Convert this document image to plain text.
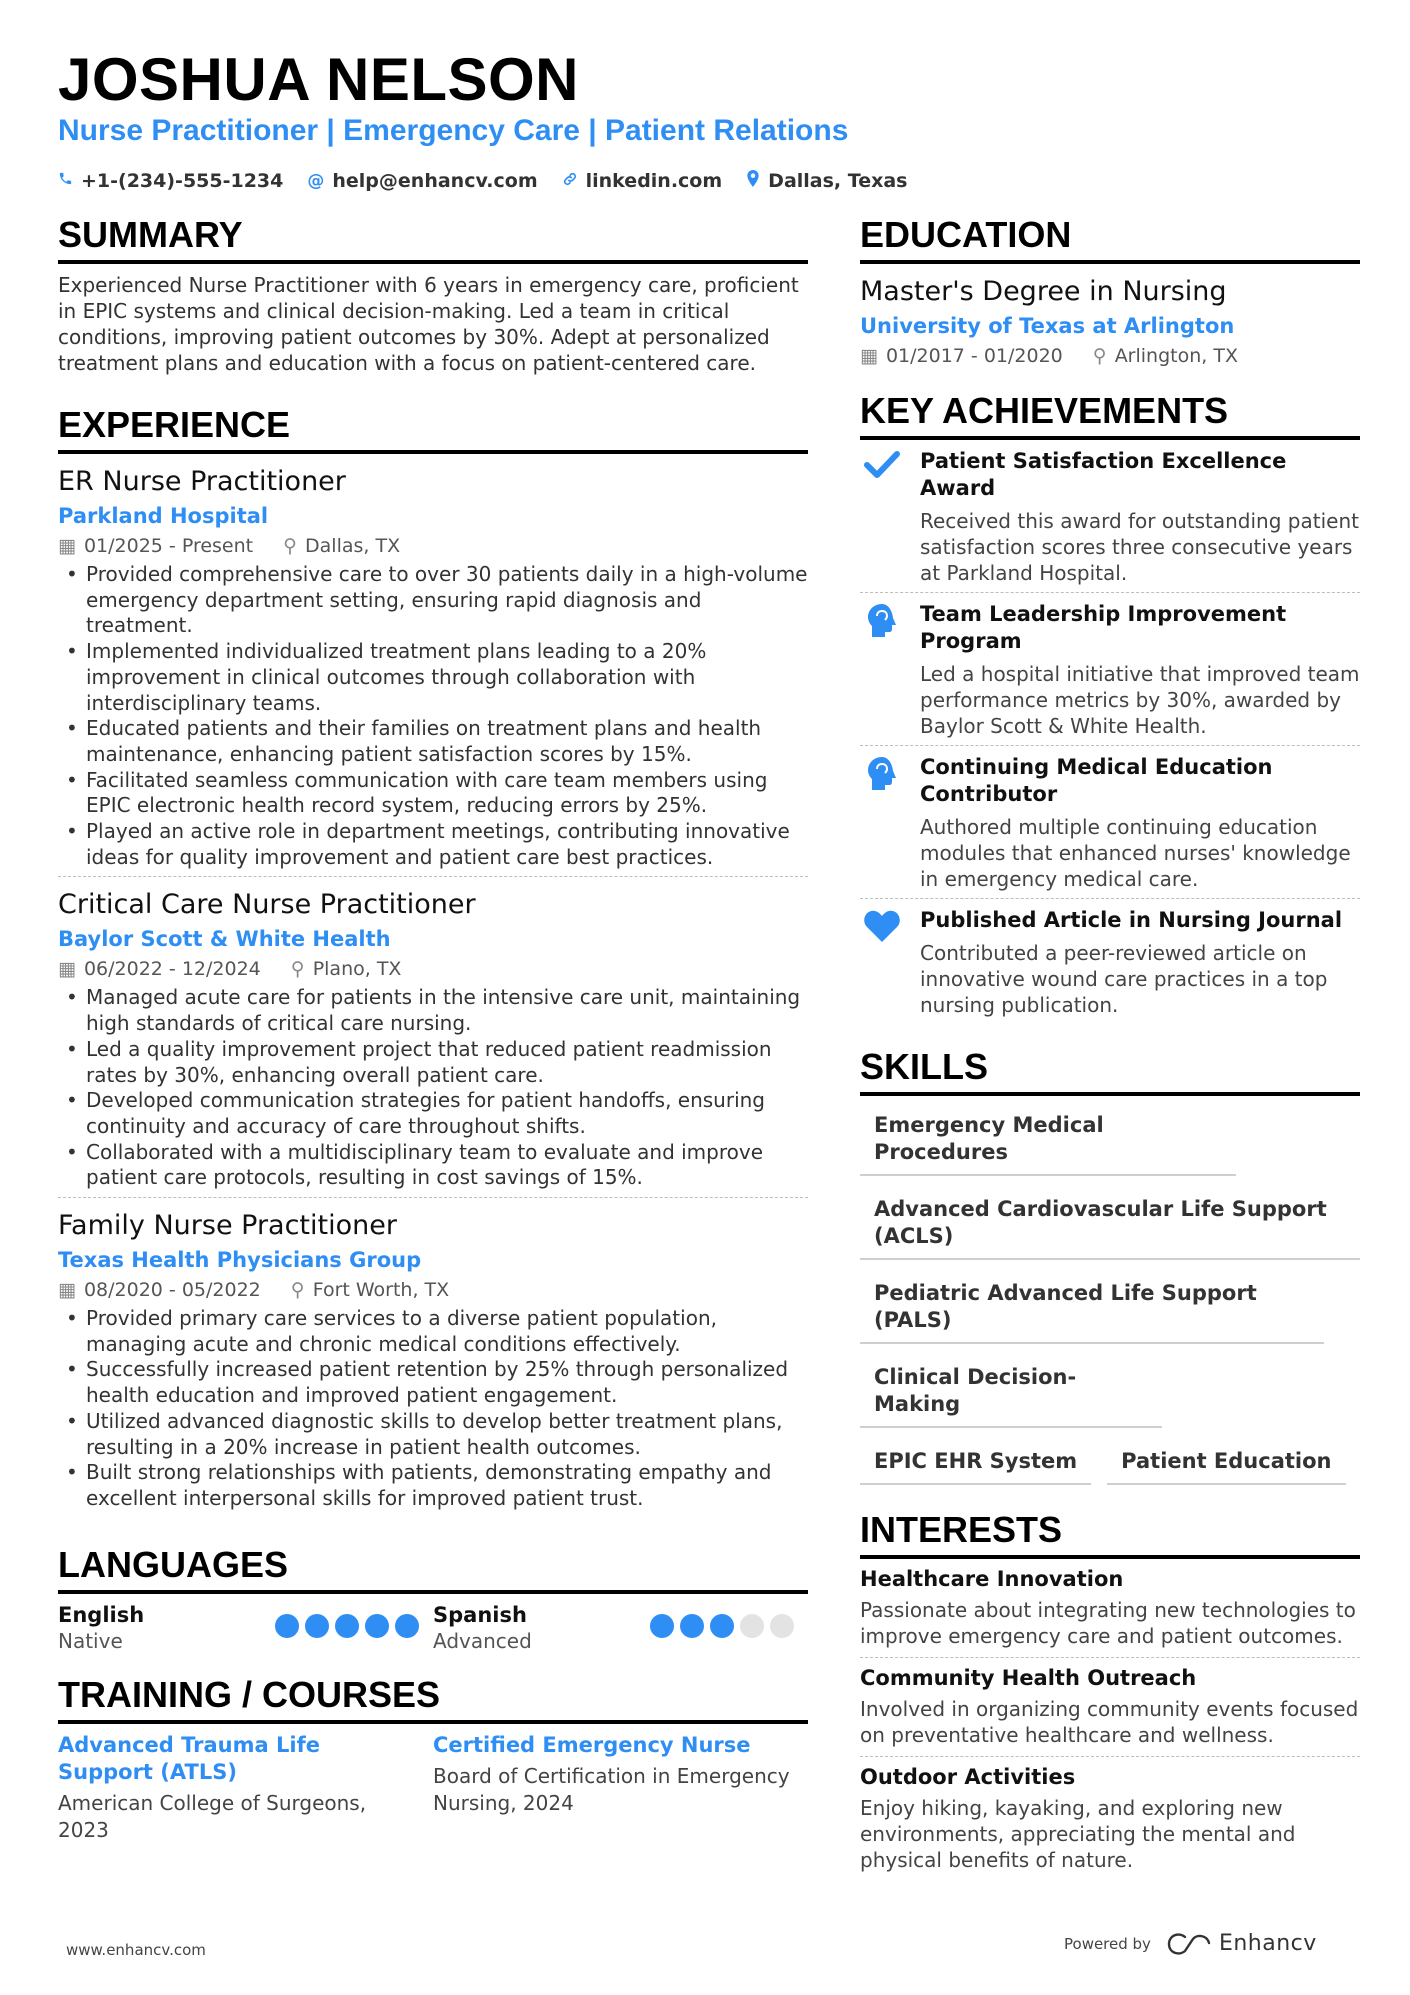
JOSHUA NELSON
Nurse Practitioner | Emergency Care | Patient Relations
+1-(234)-555-1234 @ help@enhancv.com	linkedin.com Dallas, Texas
SUMMARY
Experienced Nurse Practitioner with 6 years in emergency care, proficient in EPIC systems and clinical decision-making. Led a team in critical conditions, improving patient outcomes by 30%. Adept at personalized treatment plans and education with a focus on patient-centered care.
EXPERIENCE
ER Nurse Practitioner
Parkland Hospital
▦ 01/2025 - Present ⚲ Dallas, TX
• Provided comprehensive care to over 30 patients daily in a high-volume emergency department setting, ensuring rapid diagnosis and treatment.
• Implemented individualized treatment plans leading to a 20% improvement in clinical outcomes through collaboration with interdisciplinary teams.
• Educated patients and their families on treatment plans and health maintenance, enhancing patient satisfaction scores by 15%.
• Facilitated seamless communication with care team members using EPIC electronic health record system, reducing errors by 25%.
• Played an active role in department meetings, contributing innovative ideas for quality improvement and patient care best practices.
Critical Care Nurse Practitioner
Baylor Scott & White Health
▦ 06/2022 - 12/2024 ⚲ Plano, TX
• Managed acute care for patients in the intensive care unit, maintaining high standards of critical care nursing.
• Led a quality improvement project that reduced patient readmission rates by 30%, enhancing overall patient care.
• Developed communication strategies for patient handoffs, ensuring continuity and accuracy of care throughout shifts.
• Collaborated with a multidisciplinary team to evaluate and improve patient care protocols, resulting in cost savings of 15%.
Family Nurse Practitioner
Texas Health Physicians Group
▦ 08/2020 - 05/2022 ⚲ Fort Worth, TX
• Provided primary care services to a diverse patient population, managing acute and chronic medical conditions effectively.
• Successfully increased patient retention by 25% through personalized health education and improved patient engagement.
• Utilized advanced diagnostic skills to develop better treatment plans, resulting in a 20% increase in patient health outcomes.
• Built strong relationships with patients, demonstrating empathy and excellent interpersonal skills for improved patient trust.
LANGUAGES
English
Native
Spanish
Advanced
TRAINING / COURSES
Advanced Trauma Life Support (ATLS)
American College of Surgeons, 2023
Certified Emergency Nurse
Board of Certification in Emergency Nursing, 2024
EDUCATION
Master's Degree in Nursing
University of Texas at Arlington
▦ 01/2017 - 01/2020 ⚲ Arlington, TX
KEY ACHIEVEMENTS
Patient Satisfaction Excellence Award
Received this award for outstanding patient satisfaction scores three consecutive years at Parkland Hospital.
Team Leadership Improvement Program
Led a hospital initiative that improved team performance metrics by 30%, awarded by Baylor Scott & White Health.
Continuing Medical Education Contributor
Authored multiple continuing education modules that enhanced nurses' knowledge in emergency medical care.
Published Article in Nursing Journal
Contributed a peer-reviewed article on innovative wound care practices in a top nursing publication.
SKILLS
Emergency Medical Procedures
Advanced Cardiovascular Life Support (ACLS)
Pediatric Advanced Life Support (PALS)
Clinical Decision-Making
EPIC EHR System	Patient Education
INTERESTS
Healthcare Innovation
Passionate about integrating new technologies to improve emergency care and patient outcomes.
Community Health Outreach
Involved in organizing community events focused on preventative healthcare and wellness.
Outdoor Activities
Enjoy hiking, kayaking, and exploring new environments, appreciating the mental and physical benefits of nature.
www.enhancv.com	Powered by	Enhancv
